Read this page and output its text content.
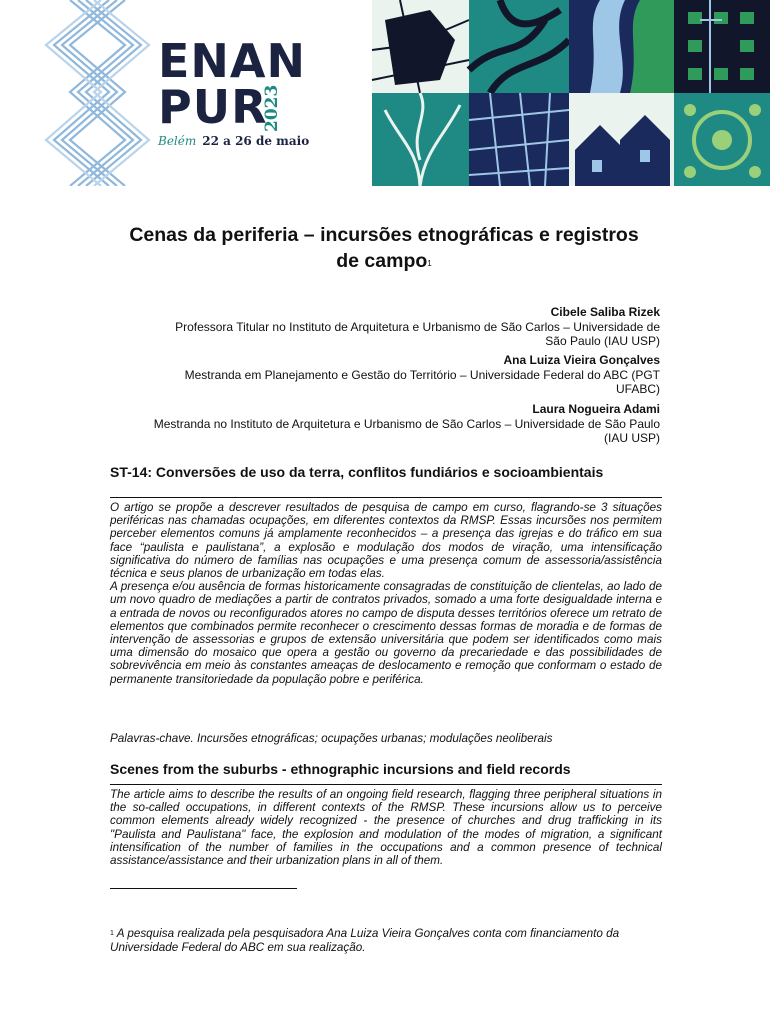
ENAN
PUR
2023
Belém 22 a 26 de maio
Cenas da periferia – incursões etnográficas e registros
de campo$^1$
Cibele Saliba Rizek
Professora Titular no Instituto de Arquitetura e Urbanismo de São Carlos – Universidade de
São Paulo (IAU USP)
Ana Luiza Vieira Gonçalves
Mestranda em Planejamento e Gestão do Território – Universidade Federal do ABC (PGT
UFABC)
Laura Nogueira Adami
Mestranda no Instituto de Arquitetura e Urbanismo de São Carlos – Universidade de São Paulo
(IAU USP)
ST-14: Conversões de uso da terra, conflitos fundiários e socioambientais

O artigo se propõe a descrever resultados de pesquisa de campo em curso, flagrando-se 3 situações periféricas nas chamadas ocupações, em diferentes contextos da RMSP. Essas incursões nos permitem perceber elementos comuns já amplamente reconhecidos – a presença das igrejas e do tráfico em sua face “paulista e paulistana”, a explosão e modulação dos modos de viração, uma intensificação significativa do número de famílias nas ocupações e uma presença comum de assessoria/assistência técnica e seus planos de urbanização em todas elas.

A presença e/ou ausência de formas historicamente consagradas de constituição de clientelas, ao lado de um novo quadro de mediações a partir de contratos privados, somado a uma forte desigualdade interna e a entrada de novos ou reconfigurados atores no campo de disputa desses territórios oferece um retrato de elementos que combinados permite reconhecer o crescimento dessas formas de moradia e de formas de intervenção de assessorias e grupos de extensão universitária que podem ser identificados como mais uma dimensão do mosaico que opera a gestão ou governo da precariedade e das possibilidades de sobrevivência em meio às constantes ameaças de deslocamento e remoção que conformam o estado de permanente transitoriedade da população pobre e periférica.

Palavras-chave. Incursões etnográficas; ocupações urbanas; modulações neoliberais
Scenes from the suburbs - ethnographic incursions and field records

The article aims to describe the results of an ongoing field research, flagging three peripheral situations in the so-called occupations, in different contexts of the RMSP. These incursions allow us to perceive common elements already widely recognized - the presence of churches and drug trafficking in its "Paulista and Paulistana" face, the explosion and modulation of the modes of migration, a significant intensification of the number of families in the occupations and a common presence of technical assistance/assistance and their urbanization plans in all of them.

$^1$ A pesquisa realizada pela pesquisadora Ana Luiza Vieira Gonçalves conta com financiamento da Universidade Federal do ABC em sua realização.
